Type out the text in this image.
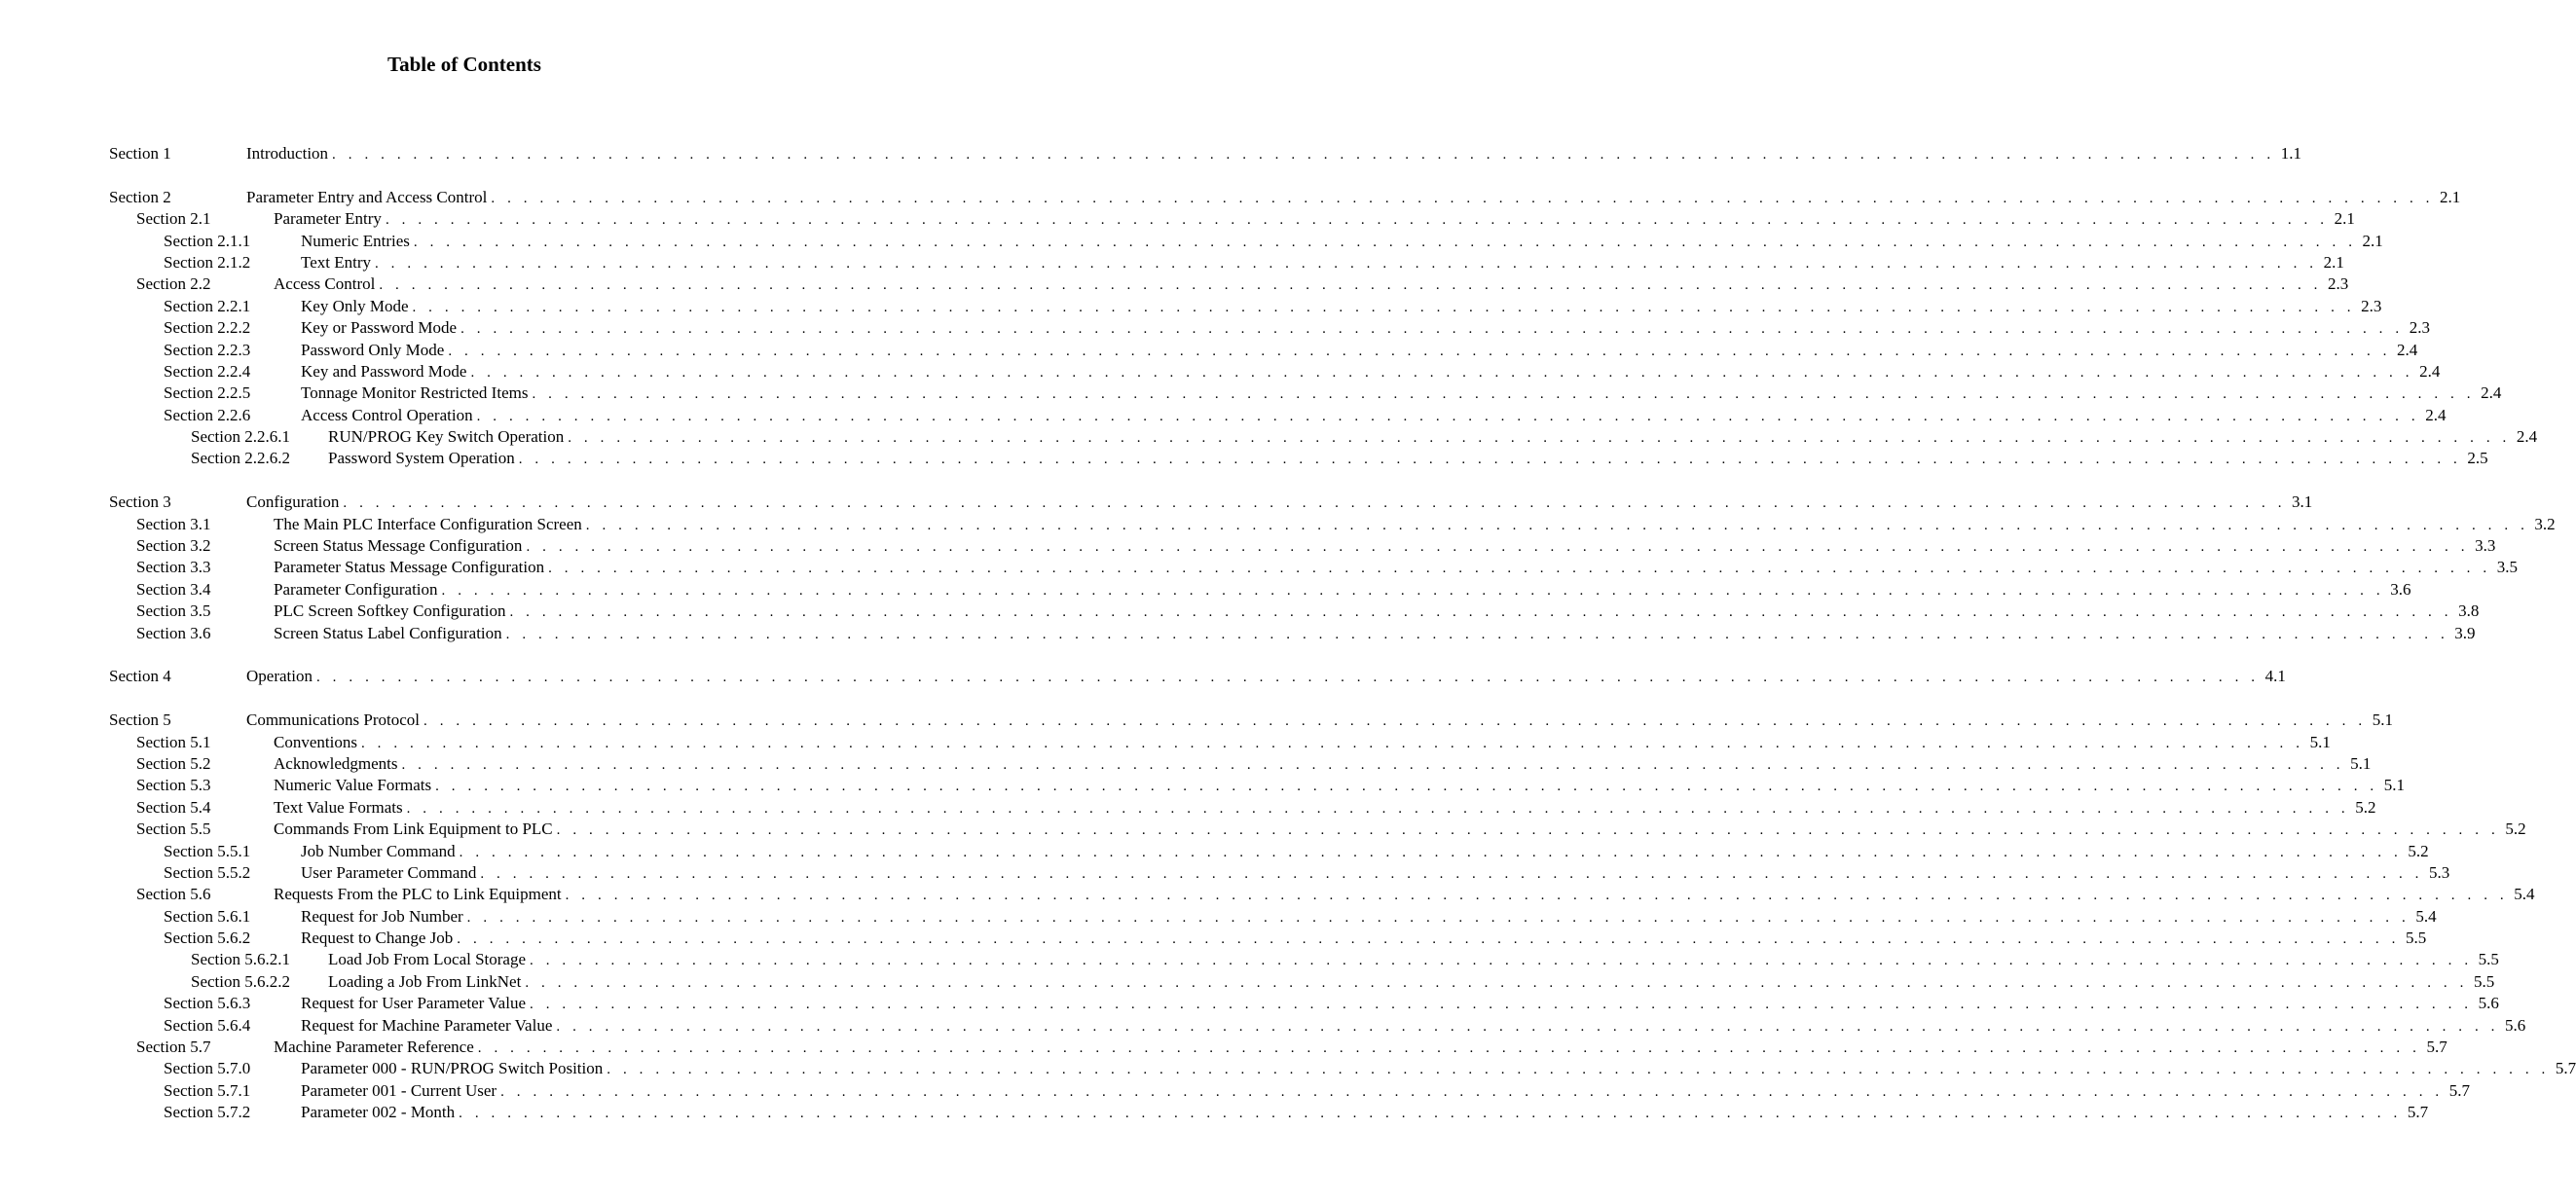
Table of Contents
Section 1	Introduction . . . . . . . . . . . . . . . . . . . . . . . . . . . . . . . . . . . . . . . . . . . . . . . . . . . . . . . . . . . . . . . . . . . . . . . . . . . . . . . . . . . . . . . . . . . . . . . . . . . . . . . . . . . . . . . . . . . . . . . . 1.1
Section 2	Parameter Entry and Access Control . . . . . . . . . . . . . . . . . . . . . . . . . . . . . . . . . . . . . . . . . . . . . . . . . . . . . . . . . . . . . . . . . . . . . . . . . . . . . . . . . . . . . . . . . . . . . . . . . . . . . . . . . . . . . . . . . . . . . . . . 2.1
Section 2.1	Parameter Entry . . . . . . . . . . . . . . . . . . . . . . . . . . . . . . . . . . . . . . . . . . . . . . . . . . . . . . . . . . . . . . . . . . . . . . . . . . . . . . . . . . . . . . . . . . . . . . . . . . . . . . . . . . . . . . . . . . . . . . . . 2.1
Section 2.1.1	Numeric Entries . . . . . . . . . . . . . . . . . . . . . . . . . . . . . . . . . . . . . . . . . . . . . . . . . . . . . . . . . . . . . . . . . . . . . . . . . . . . . . . . . . . . . . . . . . . . . . . . . . . . . . . . . . . . . . . . . . . . . . . . 2.1
Section 2.1.2	Text Entry . . . . . . . . . . . . . . . . . . . . . . . . . . . . . . . . . . . . . . . . . . . . . . . . . . . . . . . . . . . . . . . . . . . . . . . . . . . . . . . . . . . . . . . . . . . . . . . . . . . . . . . . . . . . . . . . . . . . . . . . 2.1
Section 2.2	Access Control . . . . . . . . . . . . . . . . . . . . . . . . . . . . . . . . . . . . . . . . . . . . . . . . . . . . . . . . . . . . . . . . . . . . . . . . . . . . . . . . . . . . . . . . . . . . . . . . . . . . . . . . . . . . . . . . . . . . . . . . 2.3
Section 2.2.1	Key Only Mode . . . . . . . . . . . . . . . . . . . . . . . . . . . . . . . . . . . . . . . . . . . . . . . . . . . . . . . . . . . . . . . . . . . . . . . . . . . . . . . . . . . . . . . . . . . . . . . . . . . . . . . . . . . . . . . . . . . . . . . . 2.3
Section 2.2.2	Key or Password Mode . . . . . . . . . . . . . . . . . . . . . . . . . . . . . . . . . . . . . . . . . . . . . . . . . . . . . . . . . . . . . . . . . . . . . . . . . . . . . . . . . . . . . . . . . . . . . . . . . . . . . . . . . . . . . . . . . . . . . . . . 2.3
Section 2.2.3	Password Only Mode . . . . . . . . . . . . . . . . . . . . . . . . . . . . . . . . . . . . . . . . . . . . . . . . . . . . . . . . . . . . . . . . . . . . . . . . . . . . . . . . . . . . . . . . . . . . . . . . . . . . . . . . . . . . . . . . . . . . . . . . 2.4
Section 2.2.4	Key and Password Mode . . . . . . . . . . . . . . . . . . . . . . . . . . . . . . . . . . . . . . . . . . . . . . . . . . . . . . . . . . . . . . . . . . . . . . . . . . . . . . . . . . . . . . . . . . . . . . . . . . . . . . . . . . . . . . . . . . . . . . . . 2.4
Section 2.2.5	Tonnage Monitor Restricted Items . . . . . . . . . . . . . . . . . . . . . . . . . . . . . . . . . . . . . . . . . . . . . . . . . . . . . . . . . . . . . . . . . . . . . . . . . . . . . . . . . . . . . . . . . . . . . . . . . . . . . . . . . . . . . . . . . . . . . . . . 2.4
Section 2.2.6	Access Control Operation . . . . . . . . . . . . . . . . . . . . . . . . . . . . . . . . . . . . . . . . . . . . . . . . . . . . . . . . . . . . . . . . . . . . . . . . . . . . . . . . . . . . . . . . . . . . . . . . . . . . . . . . . . . . . . . . . . . . . . . . 2.4
Section 2.2.6.1 RUN/PROG Key Switch Operation . . . . . . . . . . . . . . . . . . . . . . . . . . . . . . . . . . . . . . . . . . . . . . . . . . . . . . . . . . . . . . . . . . . . . . . . . . . . . . . . . . . . . . . . . . . . . . . . . . . . . . . . . . . . . . . . . . . . . . . . 2.4
Section 2.2.6.2 Password System Operation . . . . . . . . . . . . . . . . . . . . . . . . . . . . . . . . . . . . . . . . . . . . . . . . . . . . . . . . . . . . . . . . . . . . . . . . . . . . . . . . . . . . . . . . . . . . . . . . . . . . . . . . . . . . . . . . . . . . . . . . 2.5
Section 3	Configuration . . . . . . . . . . . . . . . . . . . . . . . . . . . . . . . . . . . . . . . . . . . . . . . . . . . . . . . . . . . . . . . . . . . . . . . . . . . . . . . . . . . . . . . . . . . . . . . . . . . . . . . . . . . . . . . . . . . . . . . . 3.1
Section 3.1	The Main PLC Interface Configuration Screen . . . . . . . . . . . . . . . . . . . . . . . . . . . . . . . . . . . . . . . . . . . . . . . . . . . . . . . . . . . . . . . . . . . . . . . . . . . . . . . . . . . . . . . . . . . . . . . . . . . . . . . . . . . . . . . . . . . . . . . . 3.2
Section 3.2	Screen Status Message Configuration . . . . . . . . . . . . . . . . . . . . . . . . . . . . . . . . . . . . . . . . . . . . . . . . . . . . . . . . . . . . . . . . . . . . . . . . . . . . . . . . . . . . . . . . . . . . . . . . . . . . . . . . . . . . . . . . . . . . . . . . 3.3
Section 3.3	Parameter Status Message Configuration . . . . . . . . . . . . . . . . . . . . . . . . . . . . . . . . . . . . . . . . . . . . . . . . . . . . . . . . . . . . . . . . . . . . . . . . . . . . . . . . . . . . . . . . . . . . . . . . . . . . . . . . . . . . . . . . . . . . . . . . 3.5
Section 3.4	Parameter Configuration . . . . . . . . . . . . . . . . . . . . . . . . . . . . . . . . . . . . . . . . . . . . . . . . . . . . . . . . . . . . . . . . . . . . . . . . . . . . . . . . . . . . . . . . . . . . . . . . . . . . . . . . . . . . . . . . . . . . . . . . 3.6
Section 3.5	PLC Screen Softkey Configuration . . . . . . . . . . . . . . . . . . . . . . . . . . . . . . . . . . . . . . . . . . . . . . . . . . . . . . . . . . . . . . . . . . . . . . . . . . . . . . . . . . . . . . . . . . . . . . . . . . . . . . . . . . . . . . . . . . . . . . . . 3.8
Section 3.6	Screen Status Label Configuration . . . . . . . . . . . . . . . . . . . . . . . . . . . . . . . . . . . . . . . . . . . . . . . . . . . . . . . . . . . . . . . . . . . . . . . . . . . . . . . . . . . . . . . . . . . . . . . . . . . . . . . . . . . . . . . . . . . . . . . . 3.9
Section 4	Operation . . . . . . . . . . . . . . . . . . . . . . . . . . . . . . . . . . . . . . . . . . . . . . . . . . . . . . . . . . . . . . . . . . . . . . . . . . . . . . . . . . . . . . . . . . . . . . . . . . . . . . . . . . . . . . . . . . . . . . . . 4.1
Section 5	Communications Protocol . . . . . . . . . . . . . . . . . . . . . . . . . . . . . . . . . . . . . . . . . . . . . . . . . . . . . . . . . . . . . . . . . . . . . . . . . . . . . . . . . . . . . . . . . . . . . . . . . . . . . . . . . . . . . . . . . . . . . . . . 5.1
Section 5.1	Conventions . . . . . . . . . . . . . . . . . . . . . . . . . . . . . . . . . . . . . . . . . . . . . . . . . . . . . . . . . . . . . . . . . . . . . . . . . . . . . . . . . . . . . . . . . . . . . . . . . . . . . . . . . . . . . . . . . . . . . . . . 5.1
Section 5.2	Acknowledgments . . . . . . . . . . . . . . . . . . . . . . . . . . . . . . . . . . . . . . . . . . . . . . . . . . . . . . . . . . . . . . . . . . . . . . . . . . . . . . . . . . . . . . . . . . . . . . . . . . . . . . . . . . . . . . . . . . . . . . . . 5.1
Section 5.3	Numeric Value Formats . . . . . . . . . . . . . . . . . . . . . . . . . . . . . . . . . . . . . . . . . . . . . . . . . . . . . . . . . . . . . . . . . . . . . . . . . . . . . . . . . . . . . . . . . . . . . . . . . . . . . . . . . . . . . . . . . . . . . . . . 5.1
Section 5.4	Text Value Formats . . . . . . . . . . . . . . . . . . . . . . . . . . . . . . . . . . . . . . . . . . . . . . . . . . . . . . . . . . . . . . . . . . . . . . . . . . . . . . . . . . . . . . . . . . . . . . . . . . . . . . . . . . . . . . . . . . . . . . . . 5.2
Section 5.5	Commands From Link Equipment to PLC . . . . . . . . . . . . . . . . . . . . . . . . . . . . . . . . . . . . . . . . . . . . . . . . . . . . . . . . . . . . . . . . . . . . . . . . . . . . . . . . . . . . . . . . . . . . . . . . . . . . . . . . . . . . . . . . . . . . . . . . 5.2
Section 5.5.1	Job Number Command . . . . . . . . . . . . . . . . . . . . . . . . . . . . . . . . . . . . . . . . . . . . . . . . . . . . . . . . . . . . . . . . . . . . . . . . . . . . . . . . . . . . . . . . . . . . . . . . . . . . . . . . . . . . . . . . . . . . . . . . 5.2
Section 5.5.2	User Parameter Command . . . . . . . . . . . . . . . . . . . . . . . . . . . . . . . . . . . . . . . . . . . . . . . . . . . . . . . . . . . . . . . . . . . . . . . . . . . . . . . . . . . . . . . . . . . . . . . . . . . . . . . . . . . . . . . . . . . . . . . . 5.3
Section 5.6	Requests From the PLC to Link Equipment . . . . . . . . . . . . . . . . . . . . . . . . . . . . . . . . . . . . . . . . . . . . . . . . . . . . . . . . . . . . . . . . . . . . . . . . . . . . . . . . . . . . . . . . . . . . . . . . . . . . . . . . . . . . . . . . . . . . . . . . 5.4
Section 5.6.1	Request for Job Number . . . . . . . . . . . . . . . . . . . . . . . . . . . . . . . . . . . . . . . . . . . . . . . . . . . . . . . . . . . . . . . . . . . . . . . . . . . . . . . . . . . . . . . . . . . . . . . . . . . . . . . . . . . . . . . . . . . . . . . . 5.4
Section 5.6.2	Request to Change Job . . . . . . . . . . . . . . . . . . . . . . . . . . . . . . . . . . . . . . . . . . . . . . . . . . . . . . . . . . . . . . . . . . . . . . . . . . . . . . . . . . . . . . . . . . . . . . . . . . . . . . . . . . . . . . . . . . . . . . . . 5.5
Section 5.6.2.1 Load Job From Local Storage . . . . . . . . . . . . . . . . . . . . . . . . . . . . . . . . . . . . . . . . . . . . . . . . . . . . . . . . . . . . . . . . . . . . . . . . . . . . . . . . . . . . . . . . . . . . . . . . . . . . . . . . . . . . . . . . . . . . . . . . 5.5
Section 5.6.2.2 Loading a Job From LinkNet . . . . . . . . . . . . . . . . . . . . . . . . . . . . . . . . . . . . . . . . . . . . . . . . . . . . . . . . . . . . . . . . . . . . . . . . . . . . . . . . . . . . . . . . . . . . . . . . . . . . . . . . . . . . . . . . . . . . . . . . 5.5
Section 5.6.3	Request for User Parameter Value . . . . . . . . . . . . . . . . . . . . . . . . . . . . . . . . . . . . . . . . . . . . . . . . . . . . . . . . . . . . . . . . . . . . . . . . . . . . . . . . . . . . . . . . . . . . . . . . . . . . . . . . . . . . . . . . . . . . . . . . 5.6
Section 5.6.4	Request for Machine Parameter Value . . . . . . . . . . . . . . . . . . . . . . . . . . . . . . . . . . . . . . . . . . . . . . . . . . . . . . . . . . . . . . . . . . . . . . . . . . . . . . . . . . . . . . . . . . . . . . . . . . . . . . . . . . . . . . . . . . . . . . . . 5.6
Section 5.7	Machine Parameter Reference . . . . . . . . . . . . . . . . . . . . . . . . . . . . . . . . . . . . . . . . . . . . . . . . . . . . . . . . . . . . . . . . . . . . . . . . . . . . . . . . . . . . . . . . . . . . . . . . . . . . . . . . . . . . . . . . . . . . . . . . 5.7
Section 5.7.0	Parameter 000 - RUN/PROG Switch Position . . . . . . . . . . . . . . . . . . . . . . . . . . . . . . . . . . . . . . . . . . . . . . . . . . . . . . . . . . . . . . . . . . . . . . . . . . . . . . . . . . . . . . . . . . . . . . . . . . . . . . . . . . . . . . . . . . . . . . . . 5.7
Section 5.7.1	Parameter 001 - Current User . . . . . . . . . . . . . . . . . . . . . . . . . . . . . . . . . . . . . . . . . . . . . . . . . . . . . . . . . . . . . . . . . . . . . . . . . . . . . . . . . . . . . . . . . . . . . . . . . . . . . . . . . . . . . . . . . . . . . . . . 5.7
Section 5.7.2	Parameter 002 - Month . . . . . . . . . . . . . . . . . . . . . . . . . . . . . . . . . . . . . . . . . . . . . . . . . . . . . . . . . . . . . . . . . . . . . . . . . . . . . . . . . . . . . . . . . . . . . . . . . . . . . . . . . . . . . . . . . . . . . . . . 5.7
